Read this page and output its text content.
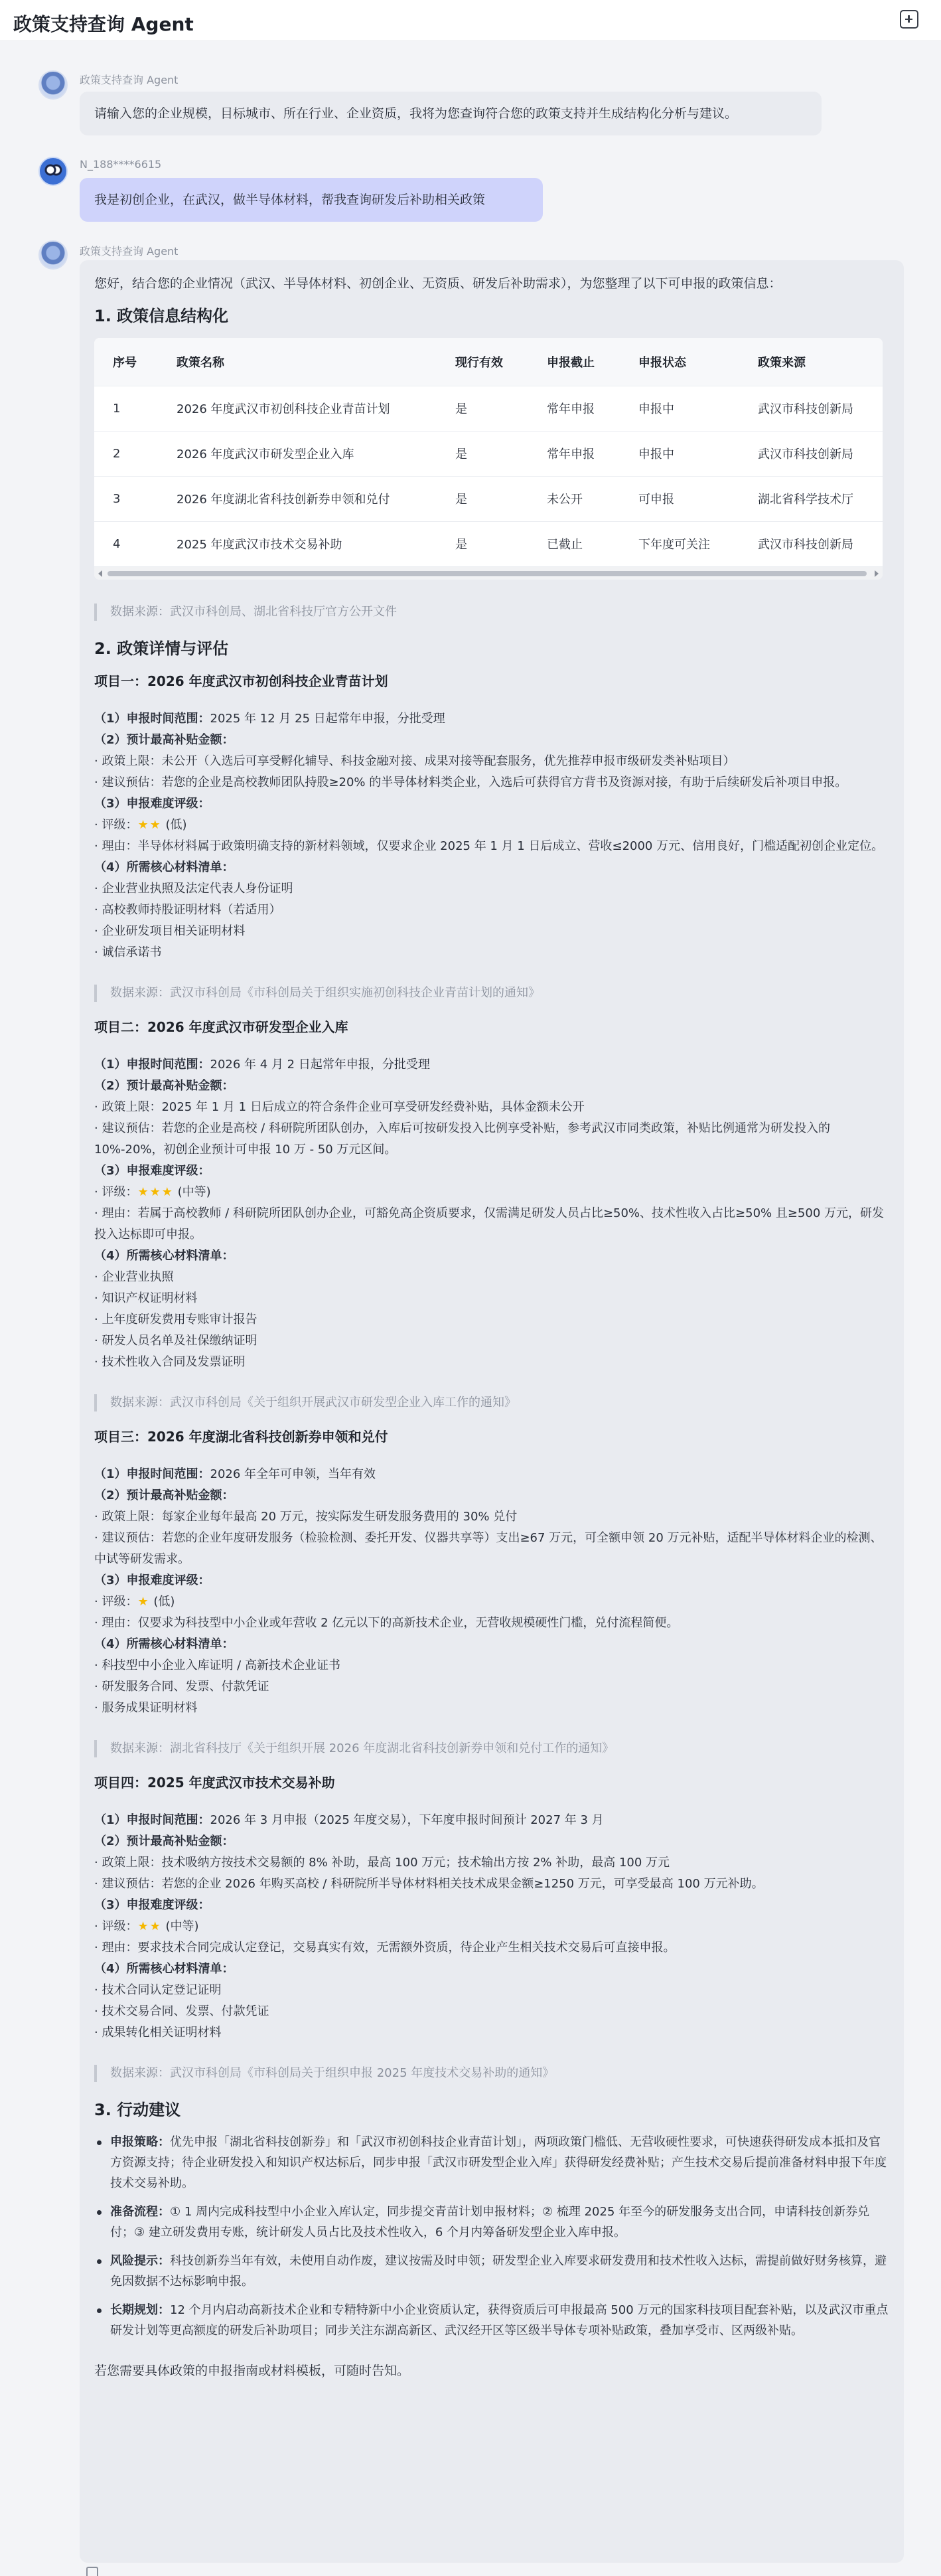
政策支持查询 Agent
政策支持查询 Agent
请输入您的企业规模，目标城市、所在行业、企业资质，我将为您查询符合您的政策支持并生成结构化分析与建议。
N_188****6615
我是初创企业，在武汉，做半导体材料，帮我查询研发后补助相关政策
政策支持查询 Agent

您好，结合您的企业情况（武汉、半导体材料、初创企业、无资质、研发后补助需求），为您整理了以下可申报的政策信息：

1. 政策信息结构化
序号	政策名称	现行有效	申报截止	申报状态	政策来源
1	2026 年度武汉市初创科技企业青苗计划	是	常年申报	申报中	武汉市科技创新局
2	2026 年度武汉市研发型企业入库	是	常年申报	申报中	武汉市科技创新局
3	2026 年度湖北省科技创新券申领和兑付	是	未公开	可申报	湖北省科学技术厅
4	2025 年度武汉市技术交易补助	是	已截止	下年度可关注	武汉市科技创新局
数据来源：武汉市科创局、湖北省科技厅官方公开文件
2. 政策详情与评估
项目一：2026 年度武汉市初创科技企业青苗计划
（1）申报时间范围：2025 年 12 月 25 日起常年申报，分批受理
（2）预计最高补贴金额：
· 政策上限：未公开（入选后可享受孵化辅导、科技金融对接、成果对接等配套服务，优先推荐申报市级研发类补贴项目）
· 建议预估：若您的企业是高校教师团队持股≥20% 的半导体材料类企业，入选后可获得官方背书及资源对接，有助于后续研发后补项目申报。
（3）申报难度评级：
· 评级：★★ (低)
· 理由：半导体材料属于政策明确支持的新材料领域，仅要求企业 2025 年 1 月 1 日后成立、营收≤2000 万元、信用良好，门槛适配初创企业定位。
（4）所需核心材料清单：
· 企业营业执照及法定代表人身份证明
· 高校教师持股证明材料（若适用）
· 企业研发项目相关证明材料
· 诚信承诺书
数据来源：武汉市科创局《市科创局关于组织实施初创科技企业青苗计划的通知》
项目二：2026 年度武汉市研发型企业入库
（1）申报时间范围：2026 年 4 月 2 日起常年申报，分批受理
（2）预计最高补贴金额：
· 政策上限：2025 年 1 月 1 日后成立的符合条件企业可享受研发经费补贴，具体金额未公开
· 建议预估：若您的企业是高校 / 科研院所团队创办，入库后可按研发投入比例享受补贴，参考武汉市同类政策，补贴比例通常为研发投入的 10%-20%，初创企业预计可申报 10 万 - 50 万元区间。
（3）申报难度评级：
· 评级：★★★ (中等)
· 理由：若属于高校教师 / 科研院所团队创办企业，可豁免高企资质要求，仅需满足研发人员占比≥50%、技术性收入占比≥50% 且≥500 万元，研发投入达标即可申报。
（4）所需核心材料清单：
· 企业营业执照
· 知识产权证明材料
· 上年度研发费用专账审计报告
· 研发人员名单及社保缴纳证明
· 技术性收入合同及发票证明
数据来源：武汉市科创局《关于组织开展武汉市研发型企业入库工作的通知》
项目三：2026 年度湖北省科技创新券申领和兑付
（1）申报时间范围：2026 年全年可申领，当年有效
（2）预计最高补贴金额：
· 政策上限：每家企业每年最高 20 万元，按实际发生研发服务费用的 30% 兑付
· 建议预估：若您的企业年度研发服务（检验检测、委托开发、仪器共享等）支出≥67 万元，可全额申领 20 万元补贴，适配半导体材料企业的检测、中试等研发需求。
（3）申报难度评级：
· 评级：★ (低)
· 理由：仅要求为科技型中小企业或年营收 2 亿元以下的高新技术企业，无营收规模硬性门槛，兑付流程简便。
（4）所需核心材料清单：
· 科技型中小企业入库证明 / 高新技术企业证书
· 研发服务合同、发票、付款凭证
· 服务成果证明材料
数据来源：湖北省科技厅《关于组织开展 2026 年度湖北省科技创新券申领和兑付工作的通知》
项目四：2025 年度武汉市技术交易补助
（1）申报时间范围：2026 年 3 月申报（2025 年度交易），下年度申报时间预计 2027 年 3 月
（2）预计最高补贴金额：
· 政策上限：技术吸纳方按技术交易额的 8% 补助，最高 100 万元；技术输出方按 2% 补助，最高 100 万元
· 建议预估：若您的企业 2026 年购买高校 / 科研院所半导体材料相关技术成果金额≥1250 万元，可享受最高 100 万元补助。
（3）申报难度评级：
· 评级：★★ (中等)
· 理由：要求技术合同完成认定登记，交易真实有效，无需额外资质，待企业产生相关技术交易后可直接申报。
（4）所需核心材料清单：
· 技术合同认定登记证明
· 技术交易合同、发票、付款凭证
· 成果转化相关证明材料
数据来源：武汉市科创局《市科创局关于组织申报 2025 年度技术交易补助的通知》
3. 行动建议
申报策略：优先申报「湖北省科技创新券」和「武汉市初创科技企业青苗计划」，两项政策门槛低、无营收硬性要求，可快速获得研发成本抵扣及官方资源支持；待企业研发投入和知识产权达标后，同步申报「武汉市研发型企业入库」获得研发经费补贴；产生技术交易后提前准备材料申报下年度技术交易补助。
准备流程：① 1 周内完成科技型中小企业入库认定，同步提交青苗计划申报材料；② 梳理 2025 年至今的研发服务支出合同，申请科技创新券兑付；③ 建立研发费用专账，统计研发人员占比及技术性收入，6 个月内筹备研发型企业入库申报。
风险提示：科技创新券当年有效，未使用自动作废，建议按需及时申领；研发型企业入库要求研发费用和技术性收入达标，需提前做好财务核算，避免因数据不达标影响申报。
长期规划：12 个月内启动高新技术企业和专精特新中小企业资质认定，获得资质后可申报最高 500 万元的国家科技项目配套补贴，以及武汉市重点研发计划等更高额度的研发后补助项目；同步关注东湖高新区、武汉经开区等区级半导体专项补贴政策，叠加享受市、区两级补贴。

若您需要具体政策的申报指南或材料模板，可随时告知。
